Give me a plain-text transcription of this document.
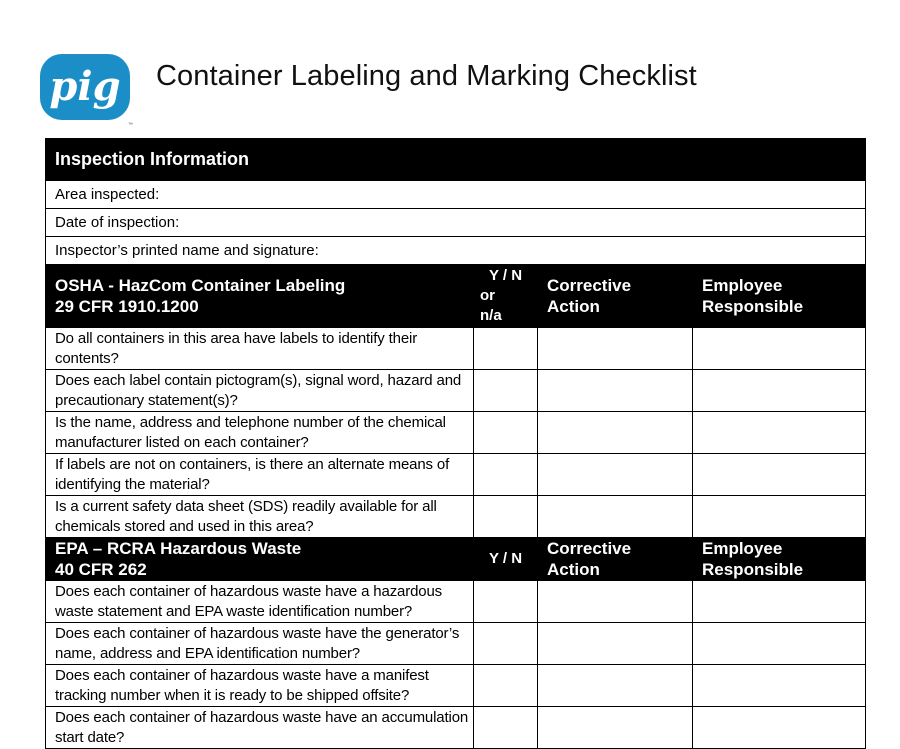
pig
™
Container Labeling and Marking Checklist
Inspection Information			
Area inspected:			
Date of inspection:			
Inspector’s printed name and signature:			

OSHA - HazCom Container Labeling
29 CFR 1910.1200	Y / N
or
n/a	Corrective
Action	Employee
Responsible

Do all containers in this area have labels to identify their contents?			
Does each label contain pictogram(s), signal word, hazard and precautionary statement(s)?			
Is the name, address and telephone number of the chemical manufacturer listed on each container?			
If labels are not on containers, is there an alternate means of identifying the material?			
Is a current safety data sheet (SDS) readily available for all chemicals stored and used in this area?			

EPA – RCRA Hazardous Waste
40 CFR 262	Y / N	Corrective
Action	Employee
Responsible

Does each container of hazardous waste have a hazardous waste statement and EPA waste identification number?			
Does each container of hazardous waste have the generator’s name, address and EPA identification number?			
Does each container of hazardous waste have a manifest tracking number when it is ready to be shipped offsite?			
Does each container of hazardous waste have an accumulation start date?			
